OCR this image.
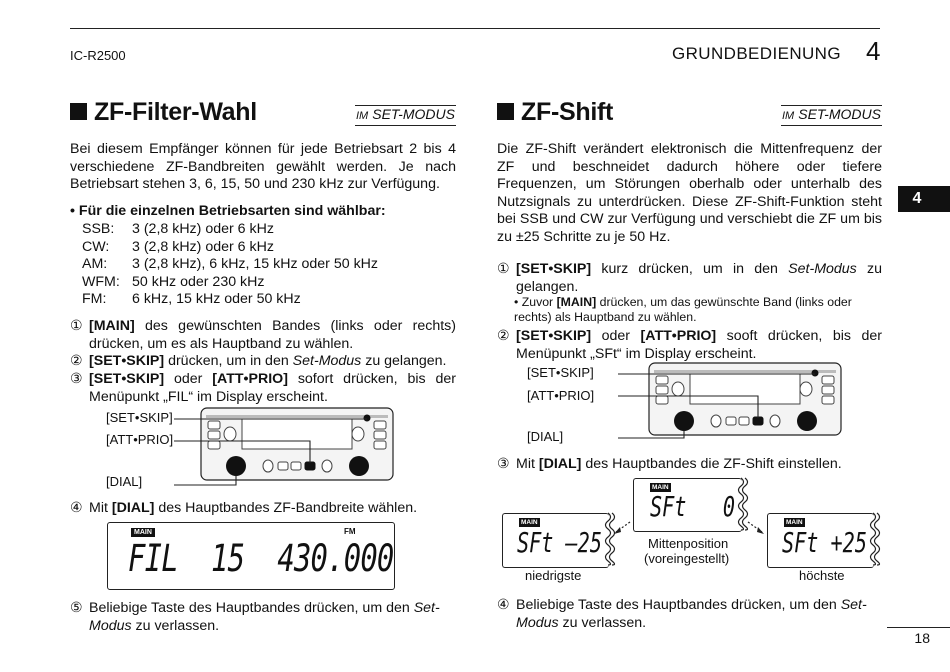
IC-R2500	GRUNDBEDIENUNG 4
4
ZF-Filter-Wahl	IM SET-MODUS
Bei diesem Empfänger können für jede Betriebsart 2 bis 4 verschiedene ZF-Bandbreiten gewählt werden. Je nach Betriebsart stehen 3, 6, 15, 50 und 230 kHz zur Verfügung.
• Für die einzelnen Betriebsarten sind wählbar:
SSB:	3 (2,8 kHz) oder 6 kHz
CW:	3 (2,8 kHz) oder 6 kHz
AM:	3 (2,8 kHz), 6 kHz, 15 kHz oder 50 kHz
WFM: 50 kHz oder 230 kHz
FM:	6 kHz, 15 kHz oder 50 kHz
① [MAIN] des gewünschten Bandes (links oder rechts) drücken, um es als Hauptband zu wählen.
② [SET•SKIP] drücken, um in den Set-Modus zu gelangen.
③ [SET•SKIP] oder [ATT•PRIO] sofort drücken, bis der Menüpunkt „FIL“ im Display erscheint.
[SET•SKIP]
[ATT•PRIO]
[DIAL]
④ Mit [DIAL] des Hauptbandes ZF-Bandbreite wählen.
MAIN	FM
FIL  15  430.000
⑤ Beliebige Taste des Hauptbandes drücken, um den Set-Modus zu verlassen.
ZF-Shift	IM SET-MODUS
Die ZF-Shift verändert elektronisch die Mittenfrequenz der ZF und beschneidet dadurch höhere oder tiefere Frequenzen, um Störungen oberhalb oder unterhalb des Nutzsignals zu unterdrücken. Diese ZF-Shift-Funktion steht bei SSB und CW zur Verfügung und verschiebt die ZF um bis zu ±25 Schritte zu je 50 Hz.
① [SET•SKIP] kurz drücken, um in den Set-Modus zu gelangen.
• Zuvor [MAIN] drücken, um das gewünschte Band (links oder rechts) als Hauptband zu wählen.
② [SET•SKIP] oder [ATT•PRIO] sooft drücken, bis der Menüpunkt „SFt“ im Display erscheint.
[SET•SKIP]
[ATT•PRIO]
[DIAL]
③ Mit [DIAL] des Hauptbandes die ZF-Shift einstellen.
MAIN
SFt –25
niedrigste
MAIN
SFt   0
Mittenposition
(voreingestellt)
MAIN
SFt +25
höchste
④ Beliebige Taste des Hauptbandes drücken, um den Set-Modus zu verlassen.
18
